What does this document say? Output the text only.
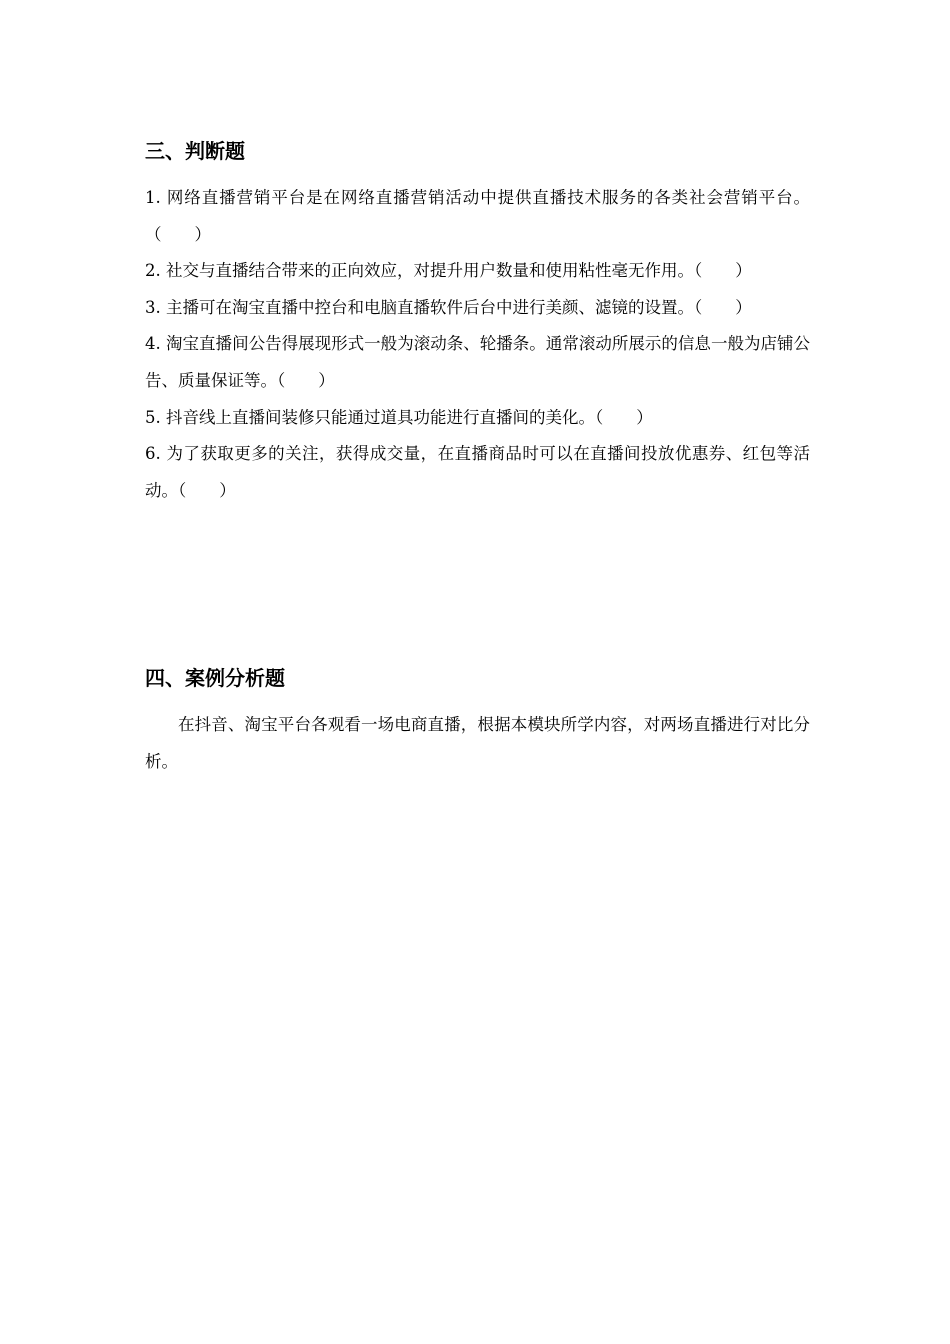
三、判断题
1. 网络直播营销平台是在网络直播营销活动中提供直播技术服务的各类社会营销平台。（　　）
2. 社交与直播结合带来的正向效应，对提升用户数量和使用粘性毫无作用。（　　）
3. 主播可在淘宝直播中控台和电脑直播软件后台中进行美颜、滤镜的设置。（　　）
4. 淘宝直播间公告得展现形式一般为滚动条、轮播条。通常滚动所展示的信息一般为店铺公告、质量保证等。（　　）
5. 抖音线上直播间装修只能通过道具功能进行直播间的美化。（　　）
6. 为了获取更多的关注，获得成交量，在直播商品时可以在直播间投放优惠券、红包等活动。（　　）
四、案例分析题

在抖音、淘宝平台各观看一场电商直播，根据本模块所学内容，对两场直播进行对比分析。
